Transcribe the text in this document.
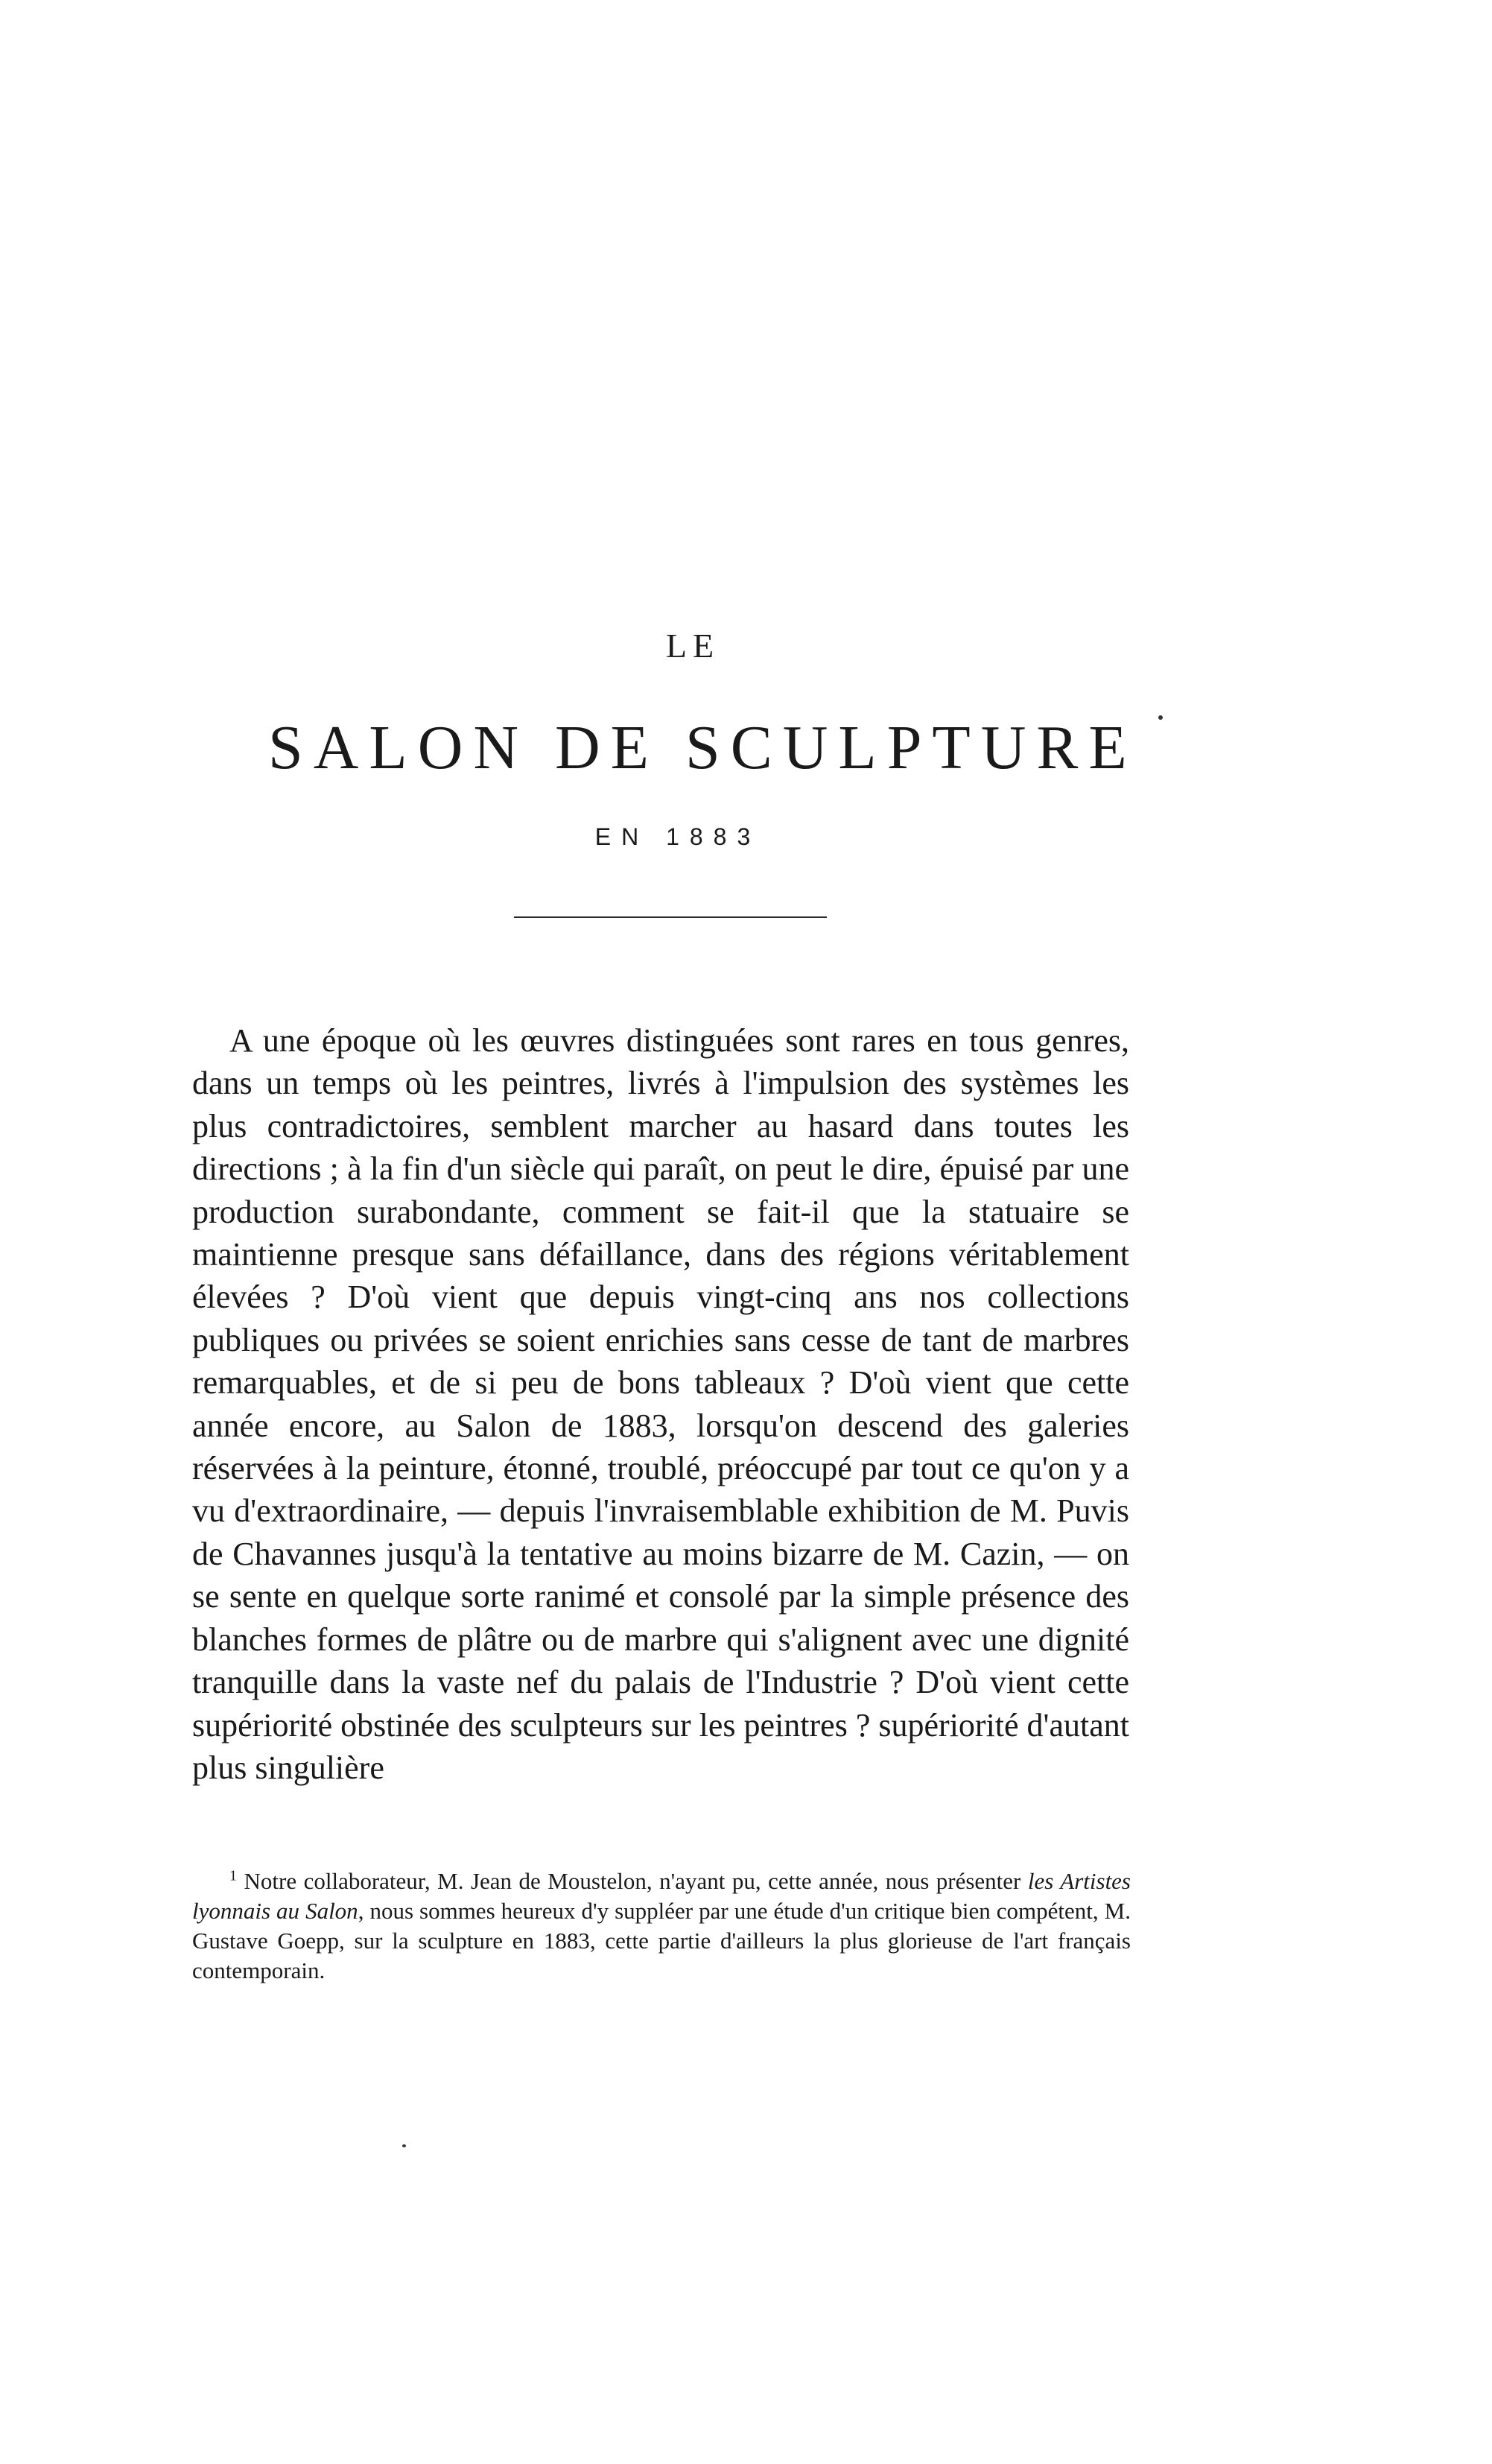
LE
SALON DE SCULPTURE
EN 1883

A une époque où les œuvres distinguées sont rares en tous genres, dans un temps où les peintres, livrés à l'impulsion des systèmes les plus contradictoires, semblent marcher au hasard dans toutes les directions ; à la fin d'un siècle qui paraît, on peut le dire, épuisé par une production surabondante, comment se fait-il que la statuaire se maintienne presque sans défaillance, dans des régions véritablement élevées ? D'où vient que depuis vingt-cinq ans nos collections publiques ou privées se soient enrichies sans cesse de tant de marbres remarquables, et de si peu de bons tableaux ? D'où vient que cette année encore, au Salon de 1883, lorsqu'on descend des galeries réservées à la peinture, étonné, troublé, préoccupé par tout ce qu'on y a vu d'extraordinaire, — depuis l'invraisemblable exhibition de M. Puvis de Chavannes jusqu'à la tentative au moins bizarre de M. Cazin, — on se sente en quelque sorte ranimé et consolé par la simple présence des blanches formes de plâtre ou de marbre qui s'alignent avec une dignité tranquille dans la vaste nef du palais de l'Industrie ? D'où vient cette supériorité obstinée des sculpteurs sur les peintres ? supériorité d'autant plus singulière

$^1$ Notre collaborateur, M. Jean de Moustelon, n'ayant pu, cette année, nous présenter les Artistes lyonnais au Salon, nous sommes heureux d'y suppléer par une étude d'un critique bien compétent, M. Gustave Goepp, sur la sculpture en 1883, cette partie d'ailleurs la plus glorieuse de l'art français contemporain.
